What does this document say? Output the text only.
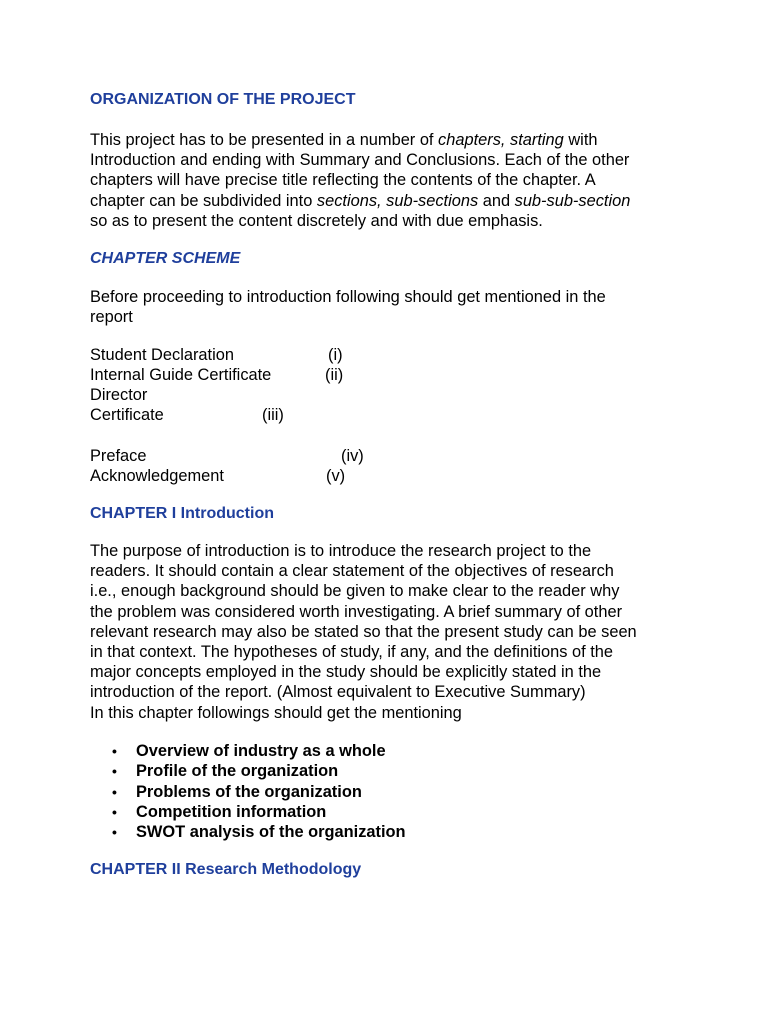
ORGANIZATION OF THE PROJECT

This project has to be presented in a number of chapters, starting with
Introduction and ending with Summary and Conclusions. Each of the other
chapters will have precise title reflecting the contents of the chapter. A
chapter can be subdivided into sections, sub-sections and sub-sub-section
so as to present the content discretely and with due emphasis.

CHAPTER SCHEME

Before proceeding to introduction following should get mentioned in the
report

Student Declaration	(i)
Internal Guide Certificate	(ii)
Director
Certificate	(iii)
Preface	(iv)
Acknowledgement	(v)
CHAPTER I Introduction

The purpose of introduction is to introduce the research project to the
readers. It should contain a clear statement of the objectives of research
i.e., enough background should be given to make clear to the reader why
the problem was considered worth investigating. A brief summary of other
relevant research may also be stated so that the present study can be seen
in that context. The hypotheses of study, if any, and the definitions of the
major concepts employed in the study should be explicitly stated in the
introduction of the report. (Almost equivalent to Executive Summary)
In this chapter followings should get the mentioning

• Overview of industry as a whole
• Profile of the organization
• Problems of the organization
• Competition information
• SWOT analysis of the organization
CHAPTER II Research Methodology
